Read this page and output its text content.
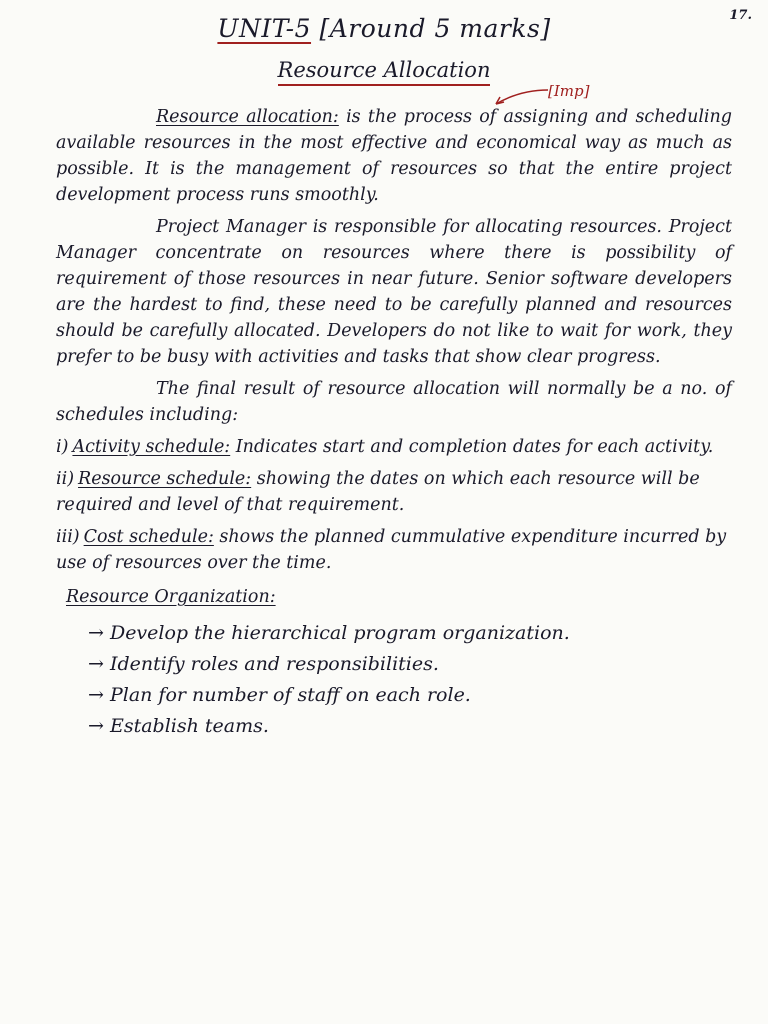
17.
UNIT-5 [Around 5 marks]
Resource Allocation
[Imp]

Resource allocation: is the process of assigning and scheduling available resources in the most effective and economical way as much as possible. It is the management of resources so that the entire project development process runs smoothly.

Project Manager is responsible for allocating resources. Project Manager concentrate on resources where there is possibility of requirement of those resources in near future. Senior software developers are the hardest to find, these need to be carefully planned and resources should be carefully allocated. Developers do not like to wait for work, they prefer to be busy with activities and tasks that show clear progress.

The final result of resource allocation will normally be a no. of schedules including:

i) Activity schedule: Indicates start and completion dates for each activity.
ii) Resource schedule: showing the dates on which each resource will be required and level of that requirement.
iii) Cost schedule: shows the planned cummulative expenditure incurred by use of resources over the time.
Resource Organization:
→ Develop the hierarchical program organization.
→ Identify roles and responsibilities.
→ Plan for number of staff on each role.
→ Establish teams.
